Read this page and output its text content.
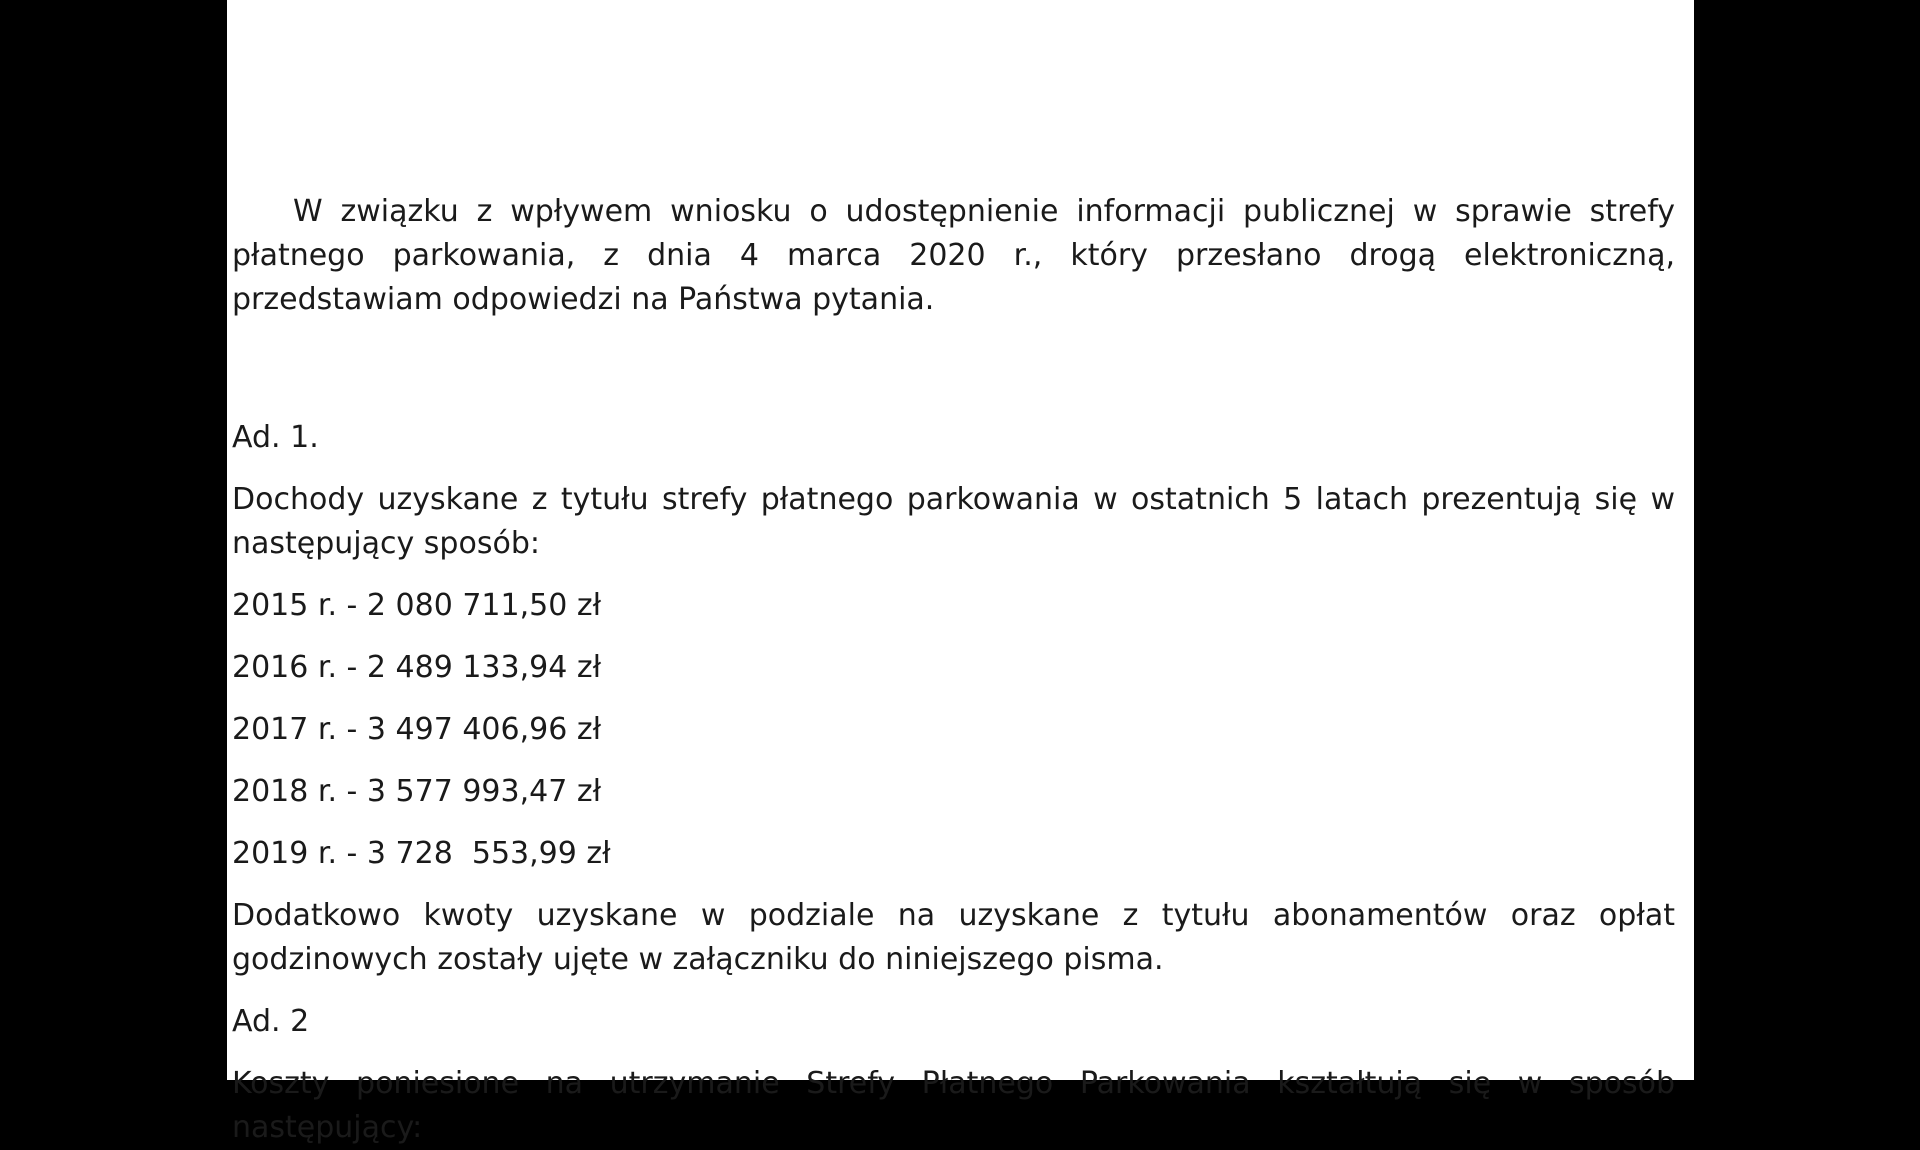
W związku z wpływem wniosku o udostępnienie informacji publicznej w sprawie strefy płatnego parkowania, z dnia 4 marca 2020 r., który przesłano drogą elektroniczną, przedstawiam odpowiedzi na Państwa pytania.

Ad. 1.

Dochody uzyskane z tytułu strefy płatnego parkowania w ostatnich 5 latach prezentują się w następujący sposób:

2015 r. - 2 080 711,50 zł

2016 r. - 2 489 133,94 zł

2017 r. - 3 497 406,96 zł

2018 r. - 3 577 993,47 zł

2019 r. - 3 728  553,99 zł

Dodatkowo kwoty uzyskane w podziale na uzyskane z tytułu abonamentów oraz opłat godzinowych zostały ujęte w załączniku do niniejszego pisma.

Ad. 2

Koszty poniesione na utrzymanie Strefy Płatnego Parkowania kształtują się w sposób następujący:
